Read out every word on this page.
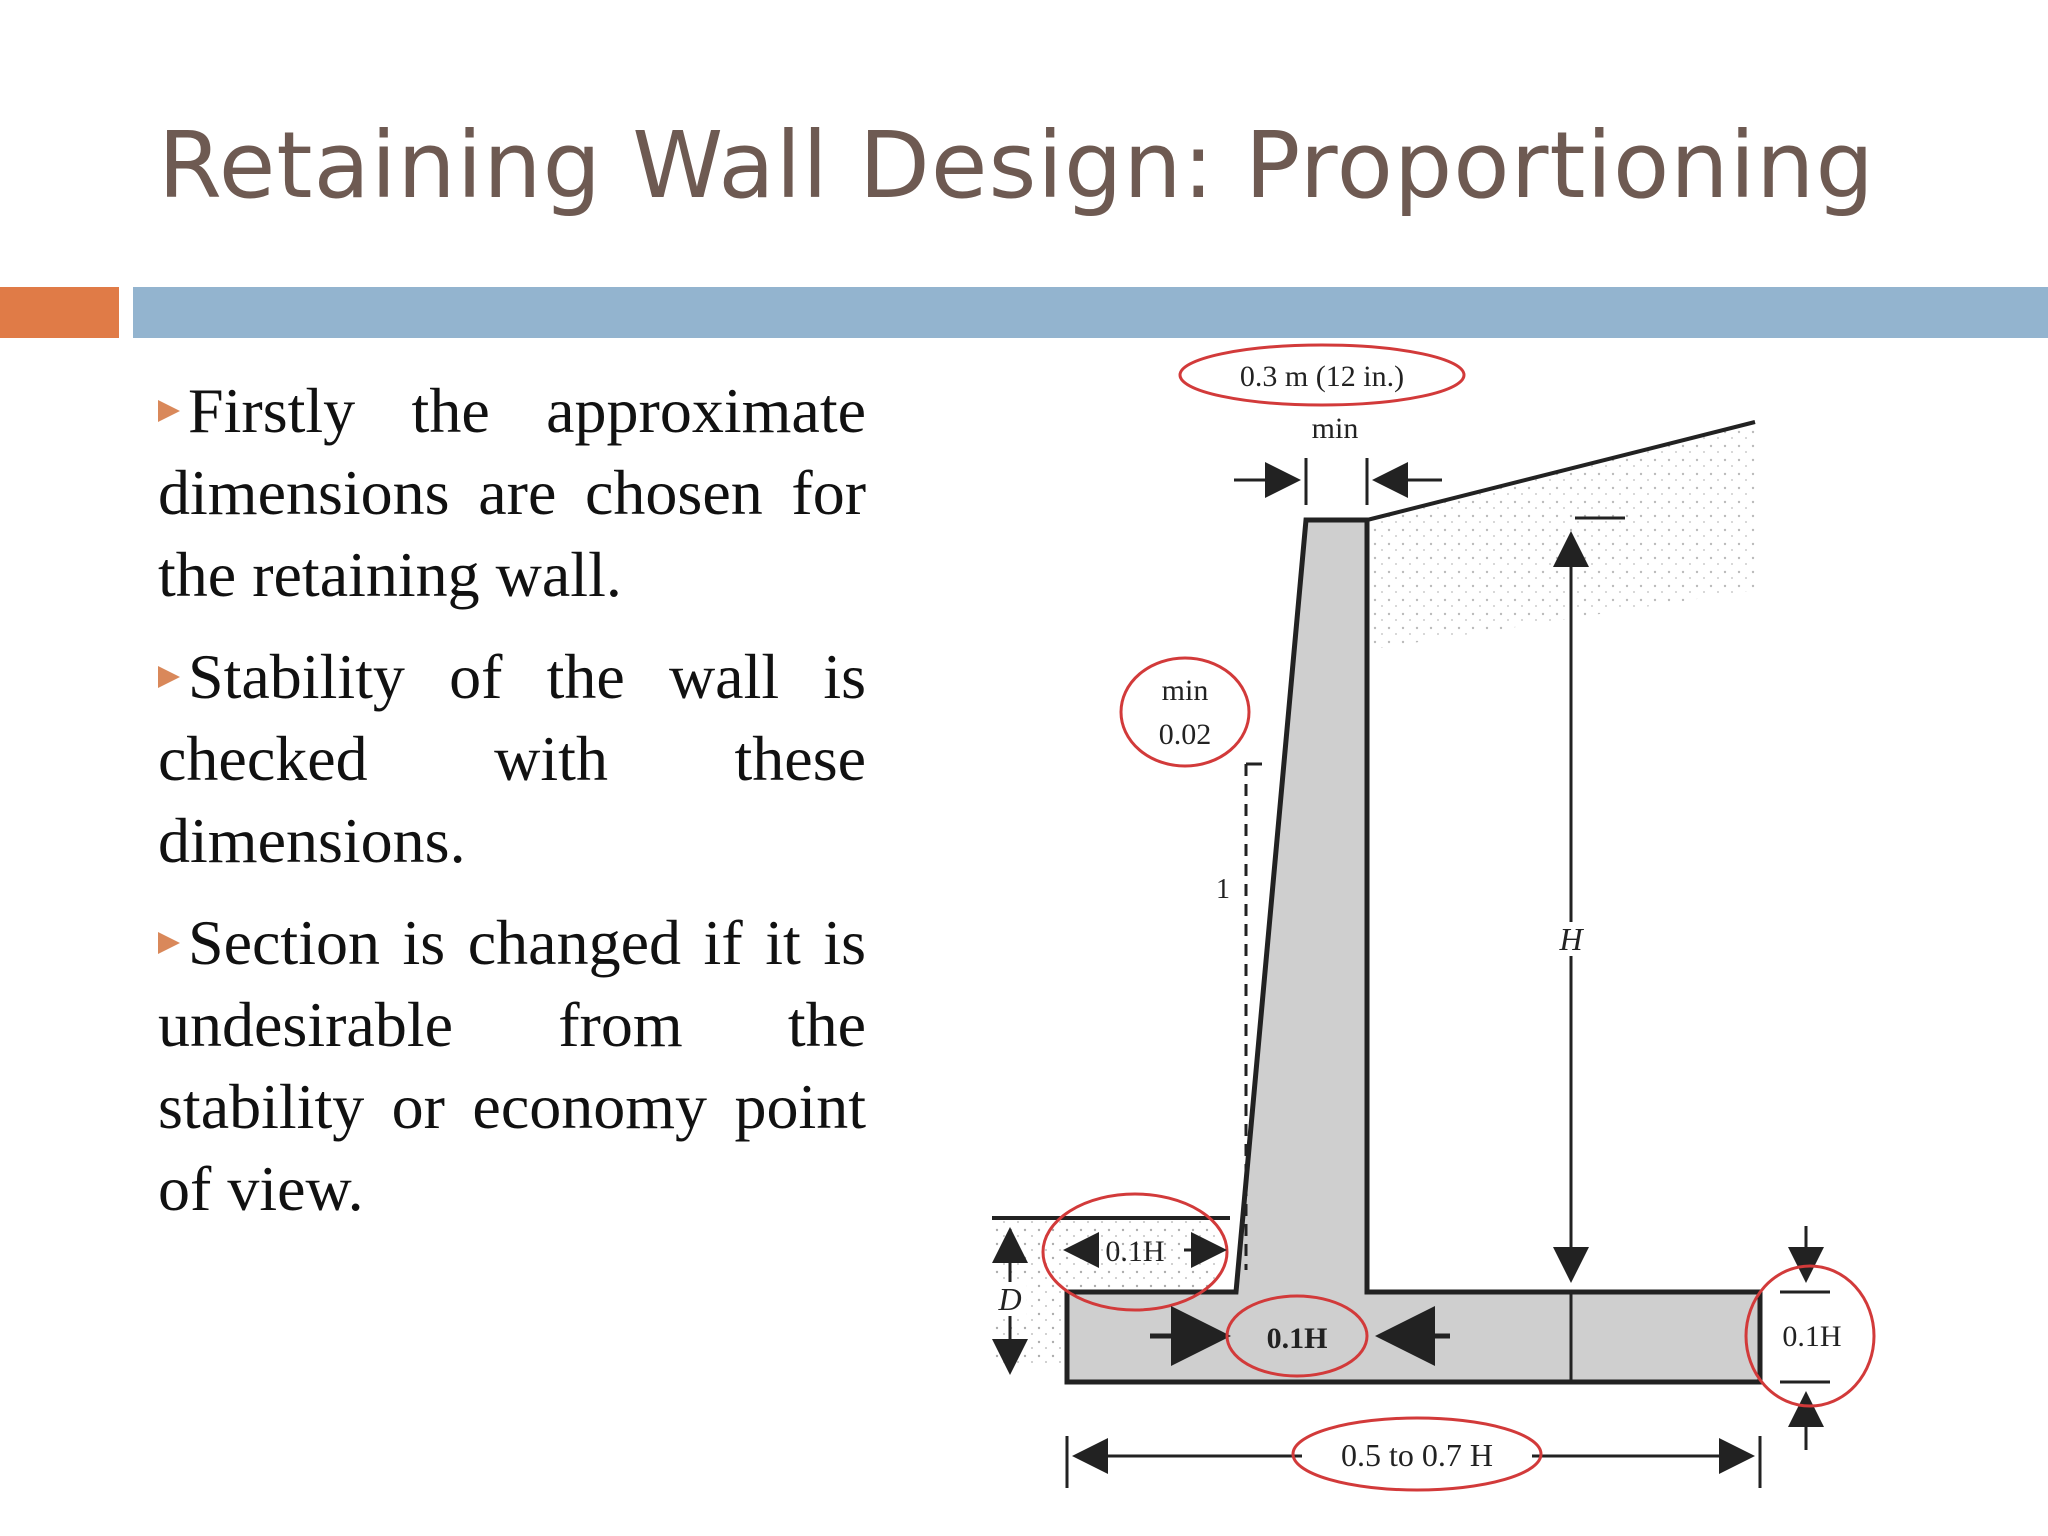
Retaining Wall Design: Proportioning
Firstly the approximate dimensions are chosen for the retaining wall.
Stability of the wall is checked with these dimensions.
Section is changed if it is undesirable from the stability or economy point of view.
1
0.3 m (12 in.)
min
min
0.02
H
D
0.1H
0.1H	0.1H
0.5 to 0.7 H
